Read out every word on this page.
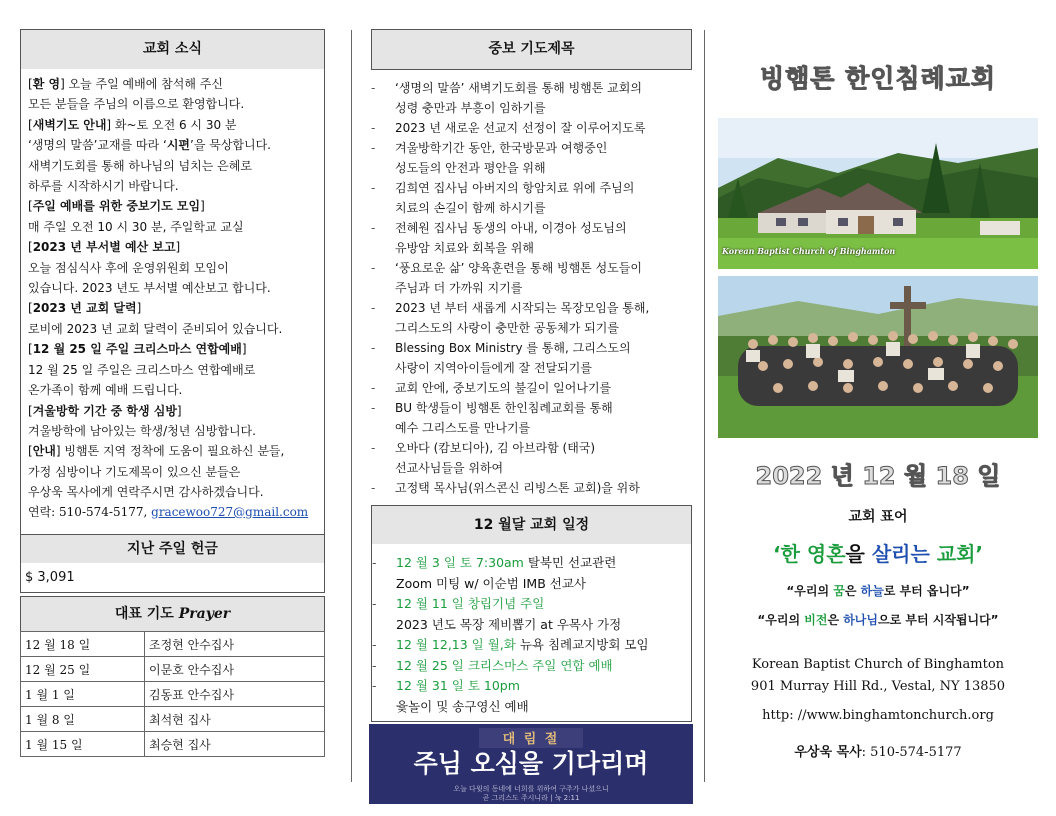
교회 소식
[환 영] 오늘 주일 예배에 참석해 주신
모든 분들을 주님의 이름으로 환영합니다.
[새벽기도 안내] 화~토 오전 6 시 30 분
‘생명의 말씀’교재를 따라 ‘시편’을 묵상합니다.
새벽기도회를 통해 하나님의 넘치는 은혜로
하루를 시작하시기 바랍니다.
[주일 예배를 위한 중보기도 모임]
매 주일 오전 10 시 30 분, 주일학교 교실
[2023 년 부서별 예산 보고]
오늘 점심식사 후에 운영위원회 모임이
있습니다. 2023 년도 부서별 예산보고 합니다.
[2023 년 교회 달력]
로비에 2023 년 교회 달력이 준비되어 있습니다.
[12 월 25 일 주일 크리스마스 연합예배]
12 월 25 일 주일은 크리스마스 연합예배로
온가족이 함께 예배 드립니다.
[겨울방학 기간 중 학생 심방]
겨울방학에 남아있는 학생/청년 심방합니다.
[안내] 빙햄톤 지역 정착에 도움이 필요하신 분들,
가정 심방이나 기도제목이 있으신 분들은
우상욱 목사에게 연락주시면 감사하겠습니다.
연락: 510-574-5177, gracewoo727@gmail.com
지난 주일 헌금
$ 3,091
대표 기도 Prayer
12 월 18 일	조정현 안수집사
12 월 25 일	이문호 안수집사
1 월 1 일	김동표 안수집사
1 월 8 일	최석현 집사
1 월 15 일	최승현 집사
중보 기도제목
- ‘생명의 말씀’ 새벽기도회를 통해 빙햄톤 교회의
성령 충만과 부흥이 임하기를
- 2023 년 새로운 선교지 선정이 잘 이루어지도록
- 겨울방학기간 동안, 한국방문과 여행중인
성도들의 안전과 평안을 위해
- 김희연 집사님 아버지의 항암치료 위에 주님의
치료의 손길이 함께 하시기를
- 전혜원 집사님 동생의 아내, 이경아 성도님의
유방암 치료와 회복을 위해
- ‘풍요로운 삶’ 양육훈련을 통해 빙햄톤 성도들이
주님과 더 가까워 지기를
- 2023 년 부터 새롭게 시작되는 목장모임을 통해,
그리스도의 사랑이 충만한 공동체가 되기를
- Blessing Box Ministry 를 통해, 그리스도의
사랑이 지역아이들에게 잘 전달되기를
- 교회 안에, 중보기도의 불길이 일어나기를
- BU 학생들이 빙햄톤 한인침례교회를 통해
예수 그리스도를 만나기를
- 오바다 (캄보디아), 김 아브라함 (태국)
선교사님들을 위하여
- 고정택 목사님(위스콘신 리빙스톤 교회)을 위하
12 월달 교회 일정
- 12 월 3 일 토 7:30am 탈북민 선교관련
Zoom 미팅 w/ 이순범 IMB 선교사
- 12 월 11 일 창립기념 주일
2023 년도 목장 제비뽑기 at 우목사 가정
- 12 월 12,13 일 월,화 뉴욕 침례교지방회 모임
- 12 월 25 일 크리스마스 주일 연합 예배
- 12 월 31 일 토 10pm
윷놀이 및 송구영신 예배
대 림 절
주님 오심을 기다리며
오늘 다윗의 동네에 너희를 위하여 구주가 나셨으니
곧 그리스도 주시니라 | 눅 2:11
빙햄톤 한인침례교회
Korean Baptist Church of Binghamton
2022 년 12 월 18 일
교회 표어
‘한 영혼을 살리는 교회’
“우리의 꿈은 하늘로 부터 옵니다”
“우리의 비전은 하나님으로 부터 시작됩니다”
Korean Baptist Church of Binghamton
901 Murray Hill Rd., Vestal, NY 13850
http: //www.binghamtonchurch.org
우상욱 목사: 510-574-5177
